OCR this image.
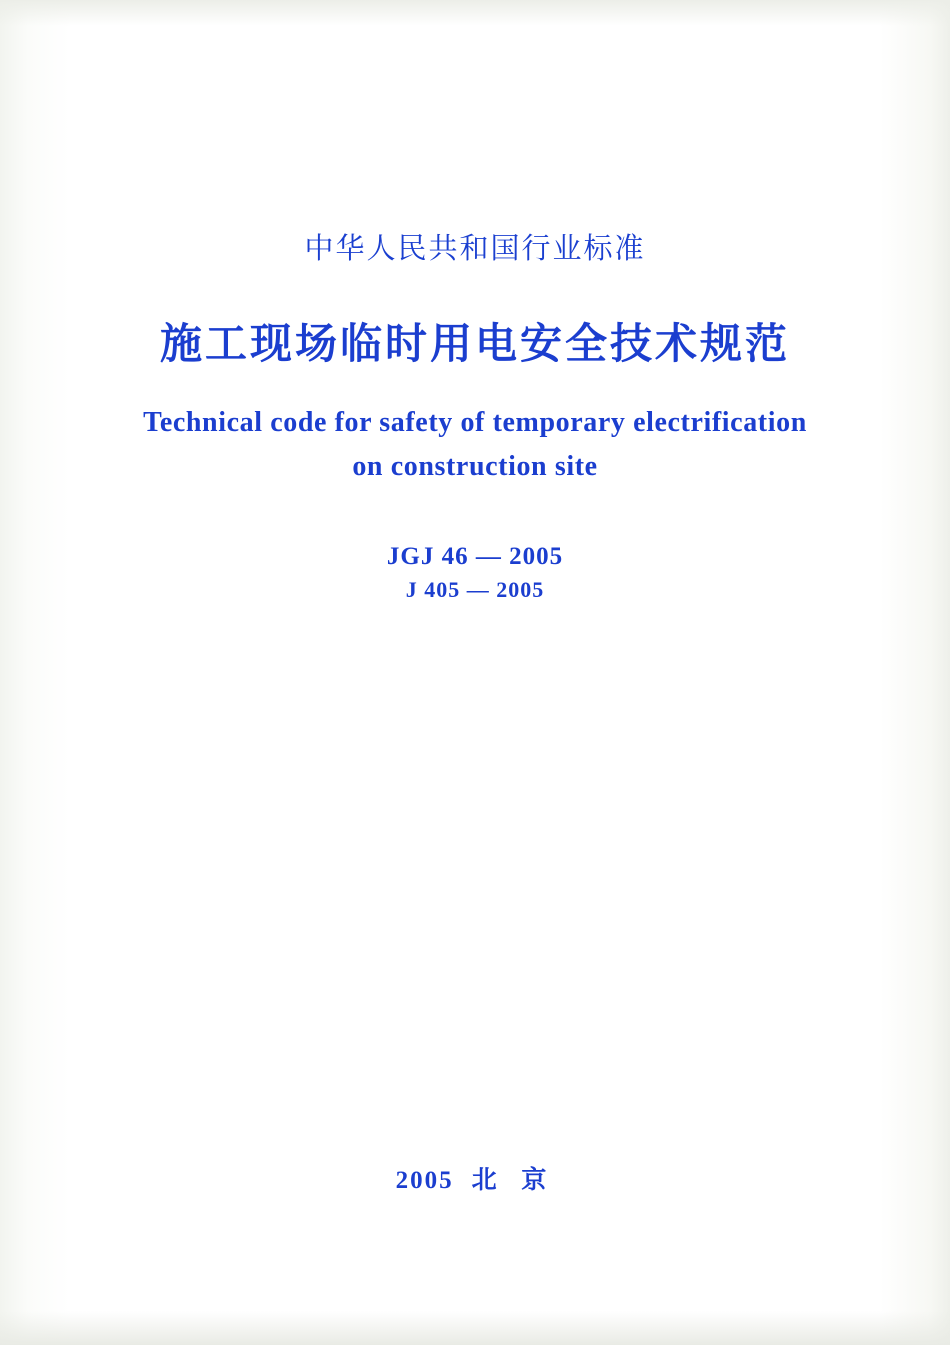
中华人民共和国行业标准
施工现场临时用电安全技术规范
Technical code for safety of temporary electrification
on construction site
JGJ 46 — 2005
J 405 — 2005
2005 北 京
